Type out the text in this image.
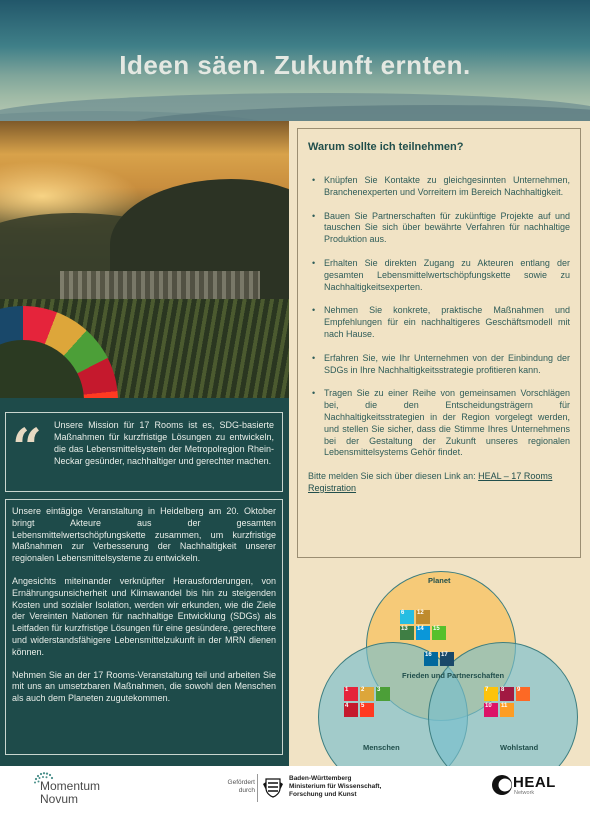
Ideen säen. Zukunft ernten.
“ Unsere Mission für 17 Rooms ist es, SDG-basierte Maßnahmen für kurzfristige Lösungen zu entwickeln, die das Lebensmittelsystem der Metropolregion Rhein-Neckar gesünder, nachhaltiger und gerechter machen.

Unsere eintägige Veranstaltung in Heidelberg am 20. Oktober bringt Akteure aus der gesamten Lebensmittelwertschöpfungskette zusammen, um kurzfristige Maßnahmen zur Verbesserung der Nachhaltigkeit unserer regionalen Lebensmittelsysteme zu entwickeln.

Angesichts miteinander verknüpfter Herausforderungen, von Ernährungsunsicherheit und Klimawandel bis hin zu steigenden Kosten und sozialer Isolation, werden wir erkunden, wie die Ziele der Vereinten Nationen für nachhaltige Entwicklung (SDGs) als Leitfaden für kurzfristige Lösungen für eine gesündere, gerechtere und widerstandsfähigere Lebensmittelzukunft in der MRN dienen können.

Nehmen Sie an der 17 Rooms-Veranstaltung teil und arbeiten Sie mit uns an umsetzbaren Maßnahmen, die sowohl den Menschen als auch dem Planeten zugutekommen.

Warum sollte ich teilnehmen?
• Knüpfen Sie Kontakte zu gleichgesinnten Unternehmen, Branchenexperten und Vorreitern im Bereich Nachhaltigkeit.
• Bauen Sie Partnerschaften für zukünftige Projekte auf und tauschen Sie sich über bewährte Verfahren für nachhaltige Produktion aus.
• Erhalten Sie direkten Zugang zu Akteuren entlang der gesamten Lebensmittelwertschöpfungskette sowie zu Nachhaltigkeitsexperten.
• Nehmen Sie konkrete, praktische Maßnahmen und Empfehlungen für ein nachhaltigeres Geschäftsmodell mit nach Hause.
• Erfahren Sie, wie Ihr Unternehmen von der Einbindung der SDGs in Ihre Nachhaltigkeitsstrategie profitieren kann.
• Tragen Sie zu einer Reihe von gemeinsamen Vorschlägen bei, die den Entscheidungsträgern für Nachhaltigkeitsstrategien in der Region vorgelegt werden, und stellen Sie sicher, dass die Stimme Ihres Unternehmens bei der Gestaltung der Zukunft unseres regionalen Lebensmittelsystems Gehör findet.

Bitte melden Sie sich über diesen Link an: HEAL – 17 Rooms Registration

Planet
Frieden und Partnerschaften
Menschen	Wohlstand
6 12
13 14 15
16 17
1 2 3
4 5
7 8 9
10 11
Momentum
Novum
Gefördert
durch
Baden-Württemberg
Ministerium für Wissenschaft,
Forschung und Kunst
HEAL
Network
